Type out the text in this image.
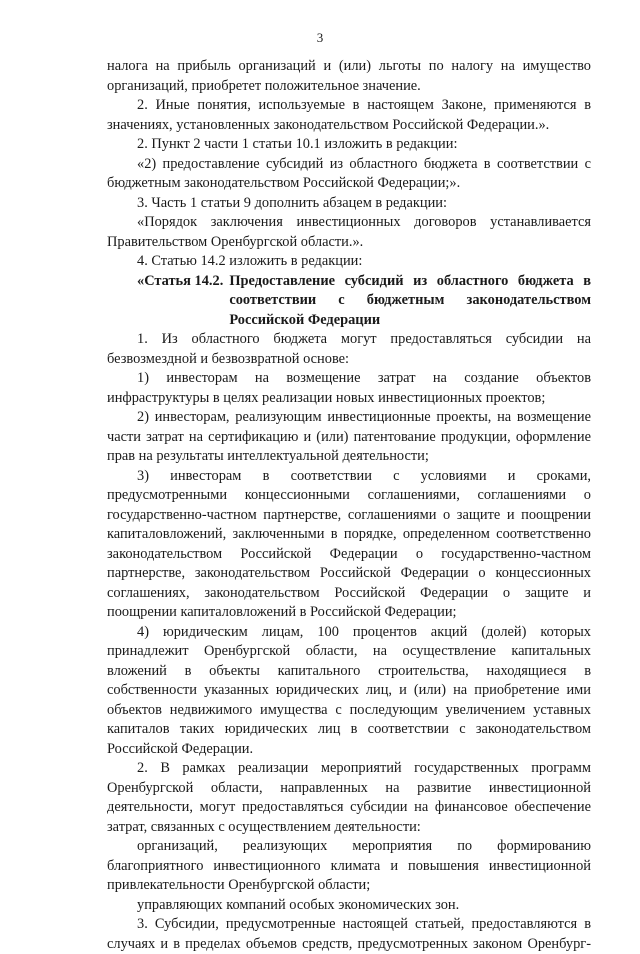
3

налога на прибыль организаций и (или) льготы по налогу на имущество организаций, приобретет положительное значение.

2. Иные понятия, используемые в настоящем Законе, применяются в значениях, установленных законодательством Российской Федерации.».

2. Пункт 2 части 1 статьи 10.1 изложить в редакции:

«2) предоставление субсидий из областного бюджета в соответствии с бюджетным законодательством Российской Федерации;».

3. Часть 1 статьи 9 дополнить абзацем в редакции:

«Порядок заключения инвестиционных договоров устанавливается Правительством Оренбургской области.».

4. Статью 14.2 изложить в редакции:

«Статья 14.2. Предоставление субсидий из областного бюджета в соответствии с бюджетным законодательством Российской Федерации

1. Из областного бюджета могут предоставляться субсидии на безвозмездной и безвозвратной основе:

1) инвесторам на возмещение затрат на создание объектов инфраструктуры в целях реализации новых инвестиционных проектов;

2) инвесторам, реализующим инвестиционные проекты, на возмещение части затрат на сертификацию и (или) патентование продукции, оформление прав на результаты интеллектуальной деятельности;

3) инвесторам в соответствии с условиями и сроками, предусмотренными концессионными соглашениями, соглашениями о государственно-частном партнерстве, соглашениями о защите и поощрении капиталовложений, заключенными в порядке, определенном соответственно законодательством Российской Федерации о государственно-частном партнерстве, законодательством Российской Федерации о концессионных соглашениях, законодательством Российской Федерации о защите и поощрении капиталовложений в Российской Федерации;

4) юридическим лицам, 100 процентов акций (долей) которых принадлежит Оренбургской области, на осуществление капитальных вложений в объекты капитального строительства, находящиеся в собственности указанных юридических лиц, и (или) на приобретение ими объектов недвижимого имущества с последующим увеличением уставных капиталов таких юридических лиц в соответствии с законодательством Российской Федерации.

2. В рамках реализации мероприятий государственных программ Оренбургской области, направленных на развитие инвестиционной деятельности, могут предоставляться субсидии на финансовое обеспечение затрат, связанных с осуществлением деятельности:

организаций, реализующих мероприятия по формированию благоприятного инвестиционного климата и повышения инвестиционной привлекательности Оренбургской области;

управляющих компаний особых экономических зон.

3. Субсидии, предусмотренные настоящей статьей, предоставляются в случаях и в пределах объемов средств, предусмотренных законом Оренбург-
